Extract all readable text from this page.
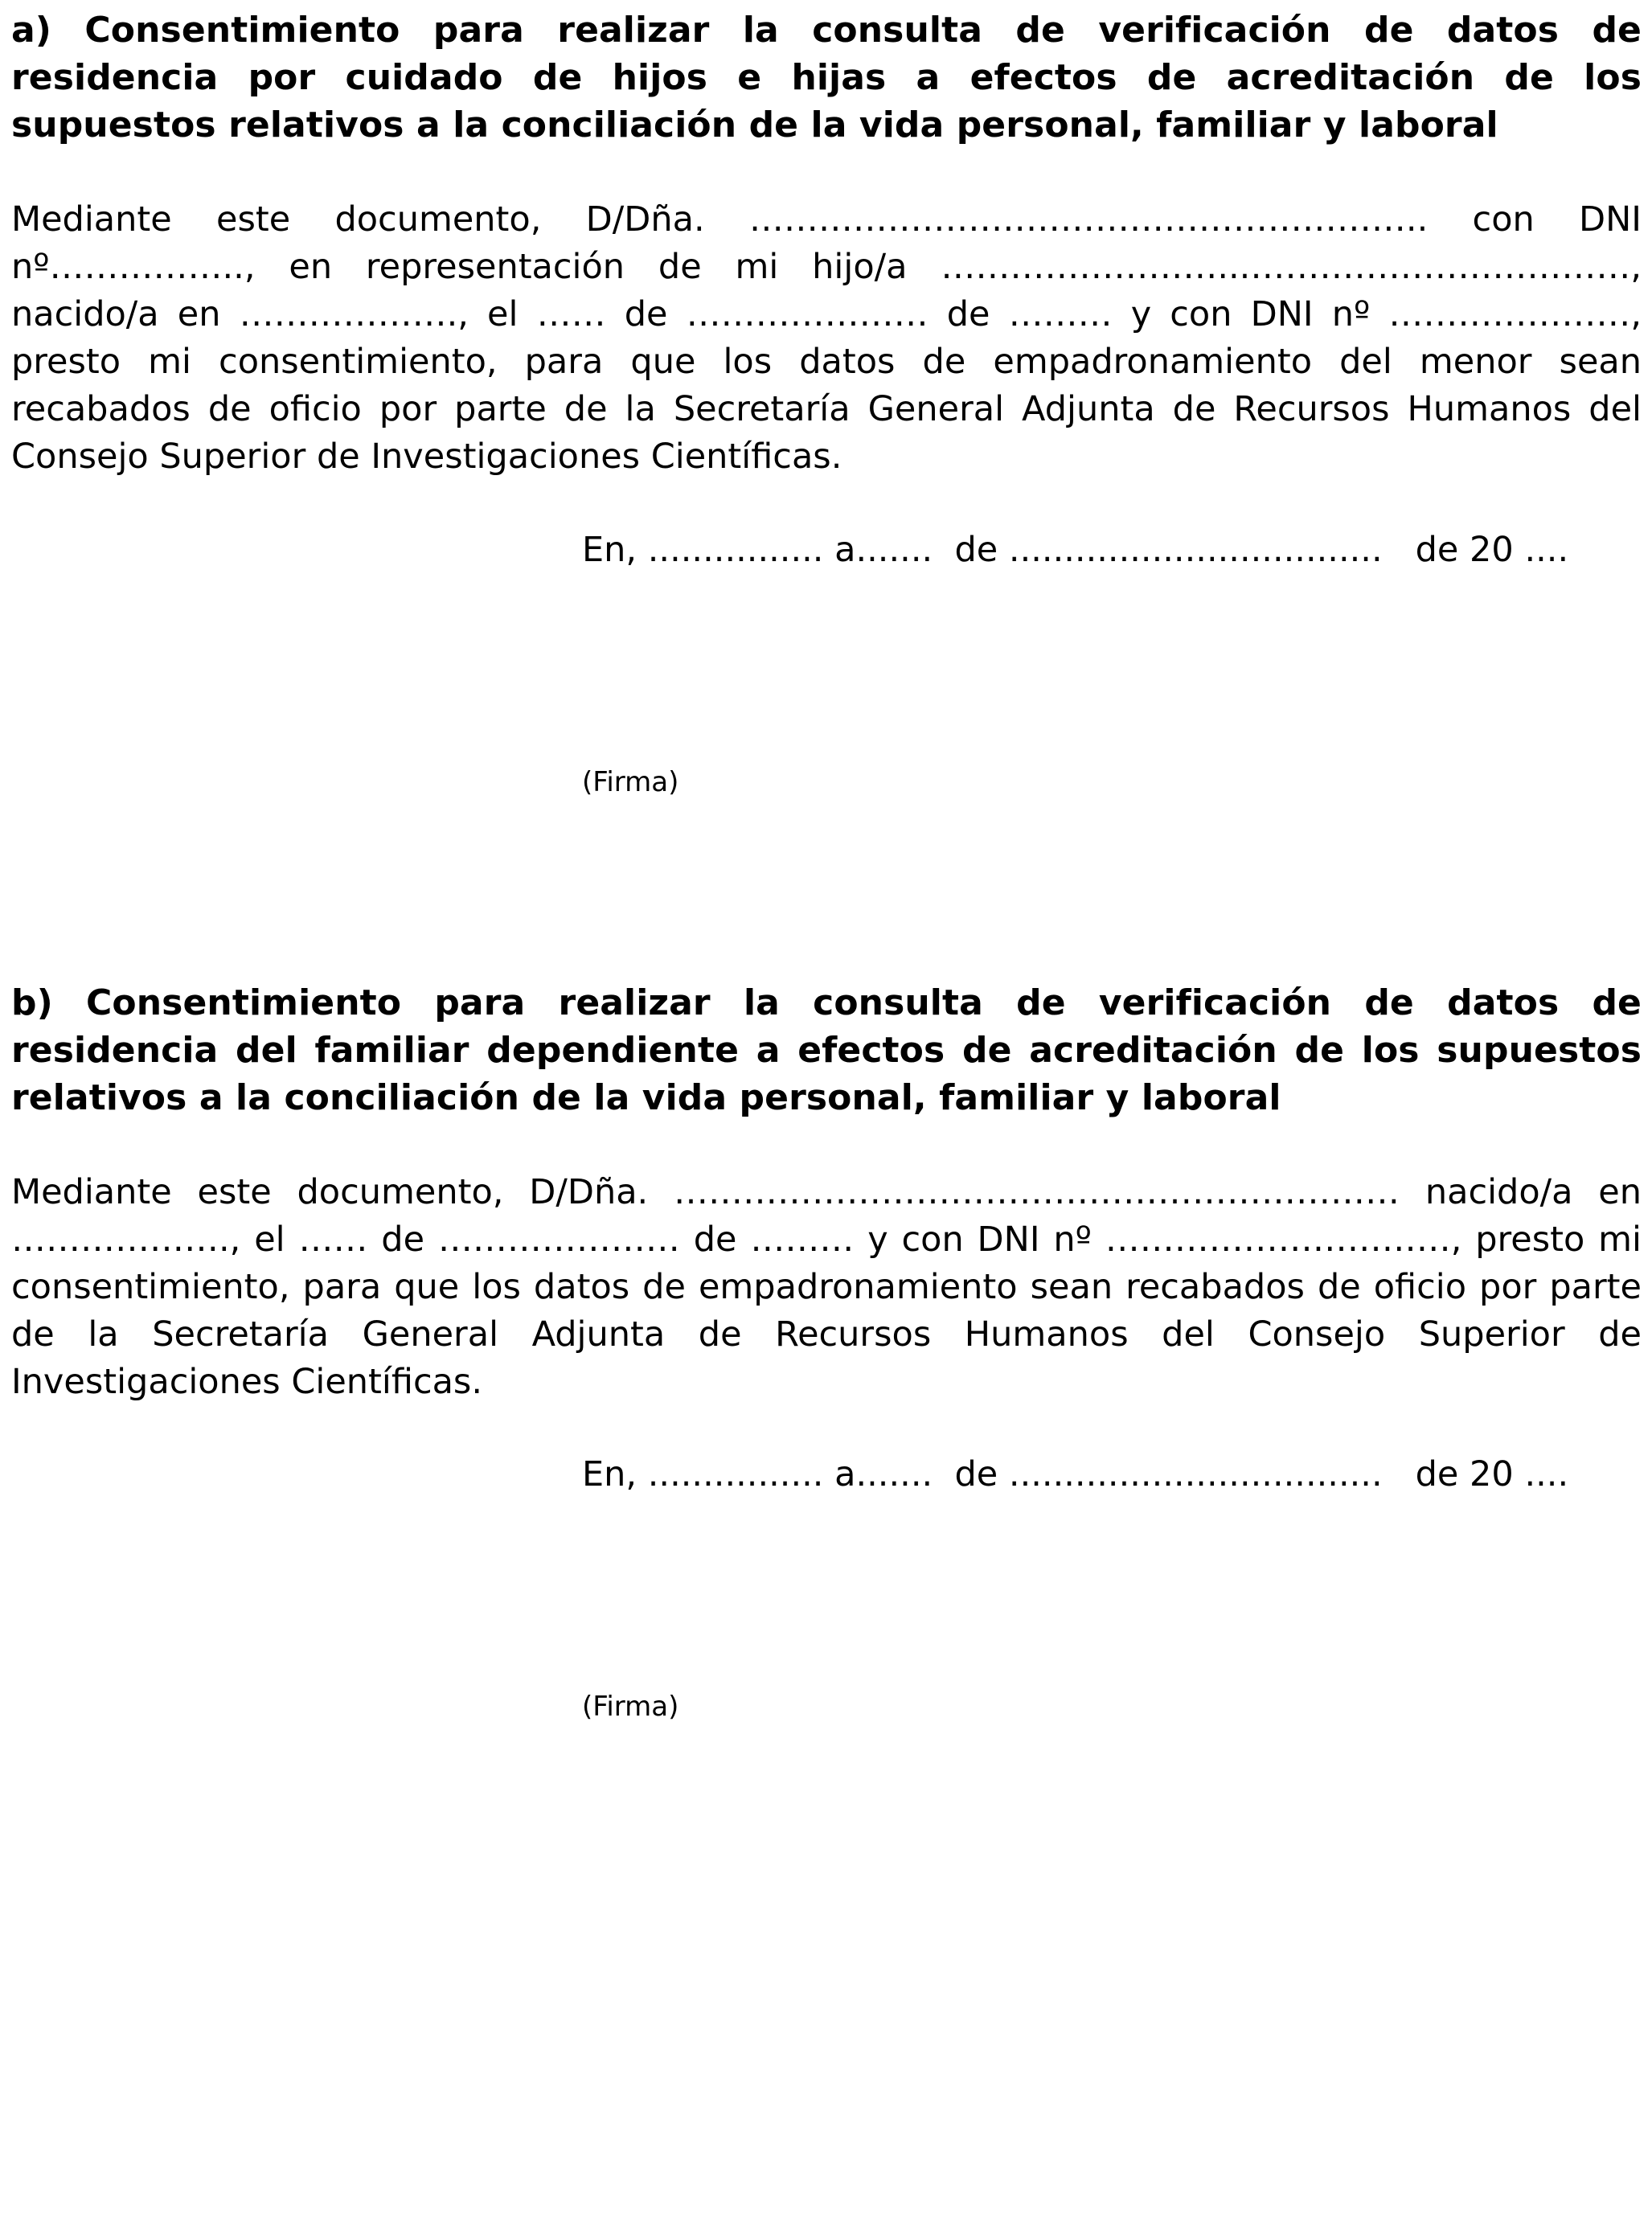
a) Consentimiento para realizar la consulta de verificación de datos de residencia por cuidado de hijos e hijas a efectos de acreditación de los supuestos relativos a la conciliación de la vida personal, familiar y laboral

Mediante este documento, D/Dña. ………………………………………………….. con DNI nº…………….., en representación de mi hijo/a ……………………...……………………………, nacido/a en ………………., el …… de ………………… de ……… y con DNI nº …………………, presto mi consentimiento, para que los datos de empadronamiento del menor sean recabados de oficio por parte de la Secretaría General Adjunta de Recursos Humanos del Consejo Superior de Investigaciones Científicas.

En, ................ a.......  de ..................................   de 20 ....
(Firma)

b) Consentimiento para realizar la consulta de verificación de datos de residencia del familiar dependiente a efectos de acreditación de los supuestos relativos a la conciliación de la vida personal, familiar y laboral

Mediante este documento, D/Dña. ……………………………………………………… nacido/a en ………………., el …… de ………………… de ……… y con DNI nº …………………………, presto mi consentimiento, para que los datos de empadronamiento sean recabados de oficio por parte de la Secretaría General Adjunta de Recursos Humanos del Consejo Superior de Investigaciones Científicas.

En, ................ a.......  de ..................................   de 20 ....
(Firma)
